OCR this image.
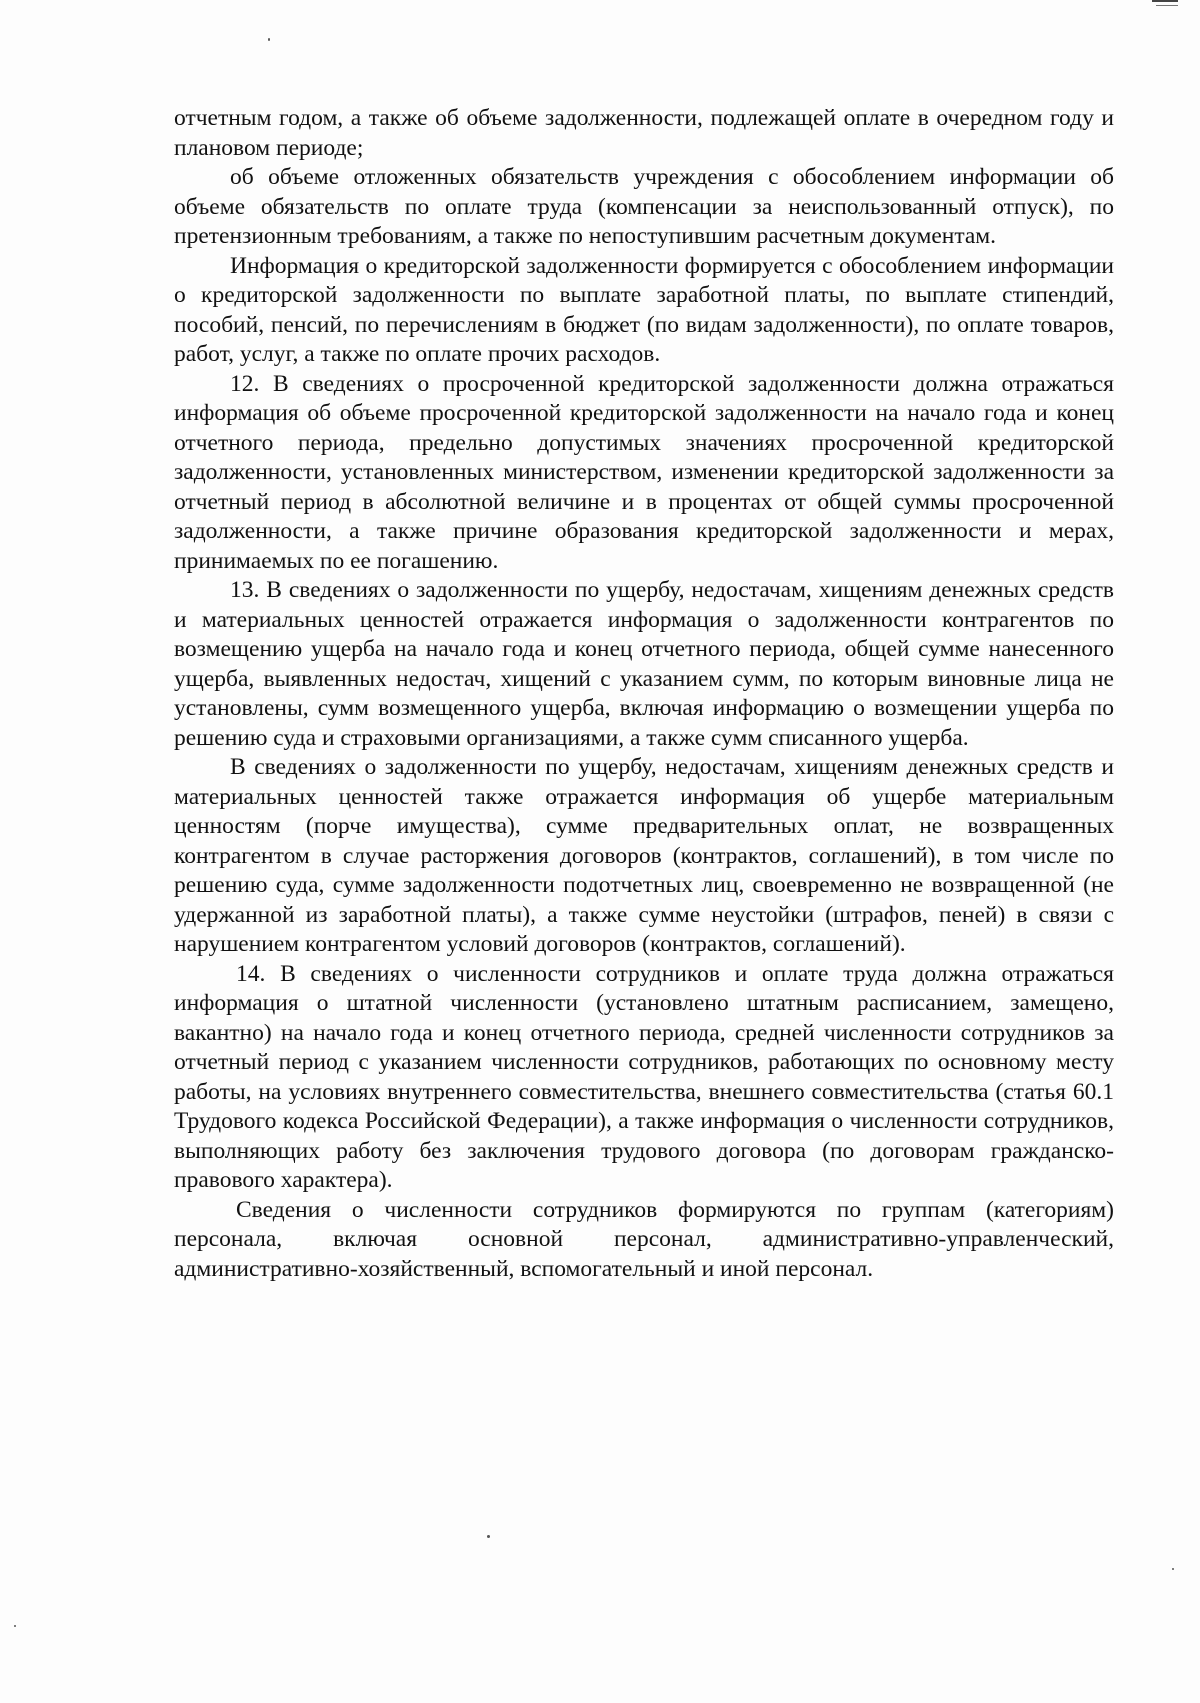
отчетным годом, а также об объеме задолженности, подлежащей оплате в очередном году и плановом периоде;

об объеме отложенных обязательств учреждения с обособлением информации об объеме обязательств по оплате труда (компенсации за неиспользованный отпуск), по претензионным требованиям, а также по непоступившим расчетным документам.

Информация о кредиторской задолженности формируется с обособлением информации о кредиторской задолженности по выплате заработной платы, по выплате стипендий, пособий, пенсий, по перечислениям в бюджет (по видам задолженности), по оплате товаров, работ, услуг, а также по оплате прочих расходов.

12. В сведениях о просроченной кредиторской задолженности должна отражаться информация об объеме просроченной кредиторской задолженности на начало года и конец отчетного периода, предельно допустимых значениях просроченной кредиторской задолженности, установленных министерством, изменении кредиторской задолженности за отчетный период в абсолютной величине и в процентах от общей суммы просроченной задолженности, а также причине образования кредиторской задолженности и мерах, принимаемых по ее погашению.

13. В сведениях о задолженности по ущербу, недостачам, хищениям денежных средств и материальных ценностей отражается информация о задолженности контрагентов по возмещению ущерба на начало года и конец отчетного периода, общей сумме нанесенного ущерба, выявленных недостач, хищений с указанием сумм, по которым виновные лица не установлены, сумм возмещенного ущерба, включая информацию о возмещении ущерба по решению суда и страховыми организациями, а также сумм списанного ущерба.

В сведениях о задолженности по ущербу, недостачам, хищениям денежных средств и материальных ценностей также отражается информация об ущербе материальным ценностям (порче имущества), сумме предварительных оплат, не возвращенных контрагентом в случае расторжения договоров (контрактов, соглашений), в том числе по решению суда, сумме задолженности подотчетных лиц, своевременно не возвращенной (не удержанной из заработной платы), а также сумме неустойки (штрафов, пеней) в связи с нарушением контрагентом условий договоров (контрактов, соглашений).

14. В сведениях о численности сотрудников и оплате труда должна отражаться информация о штатной численности (установлено штатным расписанием, замещено, вакантно) на начало года и конец отчетного периода, средней численности сотрудников за отчетный период с указанием численности сотрудников, работающих по основному месту работы, на условиях внутреннего совместительства, внешнего совместительства (статья 60.1 Трудового кодекса Российской Федерации), а также информация о численности сотрудников, выполняющих работу без заключения трудового договора (по договорам гражданско-правового характера).

Сведения о численности сотрудников формируются по группам (категориям) персонала, включая основной персонал, административно-управленческий, административно-хозяйственный, вспомогательный и иной персонал.
